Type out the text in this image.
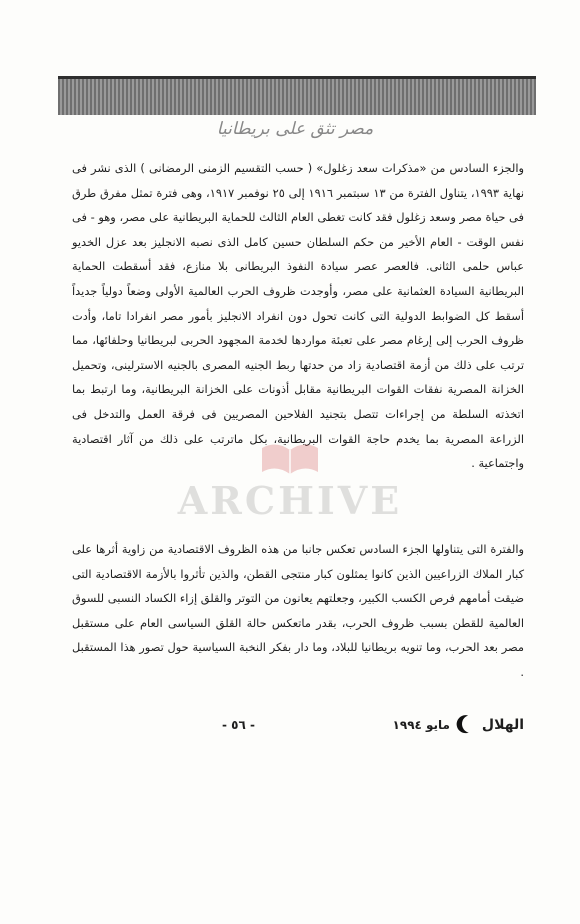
مصر تثق على بريطانيا

والجزء السادس من «مذكرات سعد زغلول» ( حسب التقسيم الزمنى الرمضانى ) الذى نشر فى نهاية ١٩٩٣، يتناول الفترة من ١٣ سبتمبر ١٩١٦ إلى ٢٥ نوفمبر ١٩١٧، وهى فترة تمثل مفرق طرق فى حياة مصر وسعد زغلول فقد كانت تغطى العام الثالث للحماية البريطانية على مصر، وهو - فى نفس الوقت - العام الأخير من حكم السلطان حسين كامل الذى نصبه الانجليز بعد عزل الخديو عباس حلمى الثانى. فالعصر عصر سيادة النفوذ البريطانى بلا منازع، فقد أسقطت الحماية البريطانية السيادة العثمانية على مصر، وأوجدت ظروف الحرب العالمية الأولى وضعاً دولياً جديداً أسقط كل الضوابط الدولية التى كانت تحول دون انفراد الانجليز بأمور مصر انفرادا تاما، وأدت ظروف الحرب إلى إرغام مصر على تعبئة مواردها لخدمة المجهود الحربى لبريطانيا وحلفائها، مما ترتب على ذلك من أزمة اقتصادية زاد من حدتها ربط الجنيه المصرى بالجنيه الاسترلينى، وتحميل الخزانة المصرية نفقات القوات البريطانية مقابل أذونات على الخزانة البريطانية، وما ارتبط بما اتخذته السلطة من إجراءات تتصل بتجنيد الفلاحين المصريين فى فرقة العمل والتدخل فى الزراعة المصرية بما يخدم حاجة القوات البريطانية، بكل ماترتب على ذلك من آثار اقتصادية واجتماعية .

والفترة التى يتناولها الجزء السادس تعكس جانبا من هذه الظروف الاقتصادية من زاوية أثرها على كبار الملاك الزراعيين الذين كانوا يمثلون كبار منتجى القطن، والذين تأثروا بالأزمة الاقتصادية التى ضيقت أمامهم فرص الكسب الكبير، وجعلتهم يعانون من التوتر والقلق إزاء الكساد النسبى للسوق العالمية للقطن بسبب ظروف الحرب، بقدر ماتعكس حالة القلق السياسى العام على مستقبل مصر بعد الحرب، وما تنويه بريطانيا للبلاد، وما دار بفكر النخبة السياسية حول تصور هذا المستقبل .

ARCHIVE
الهلال
مايو ١٩٩٤
- ٥٦ -
